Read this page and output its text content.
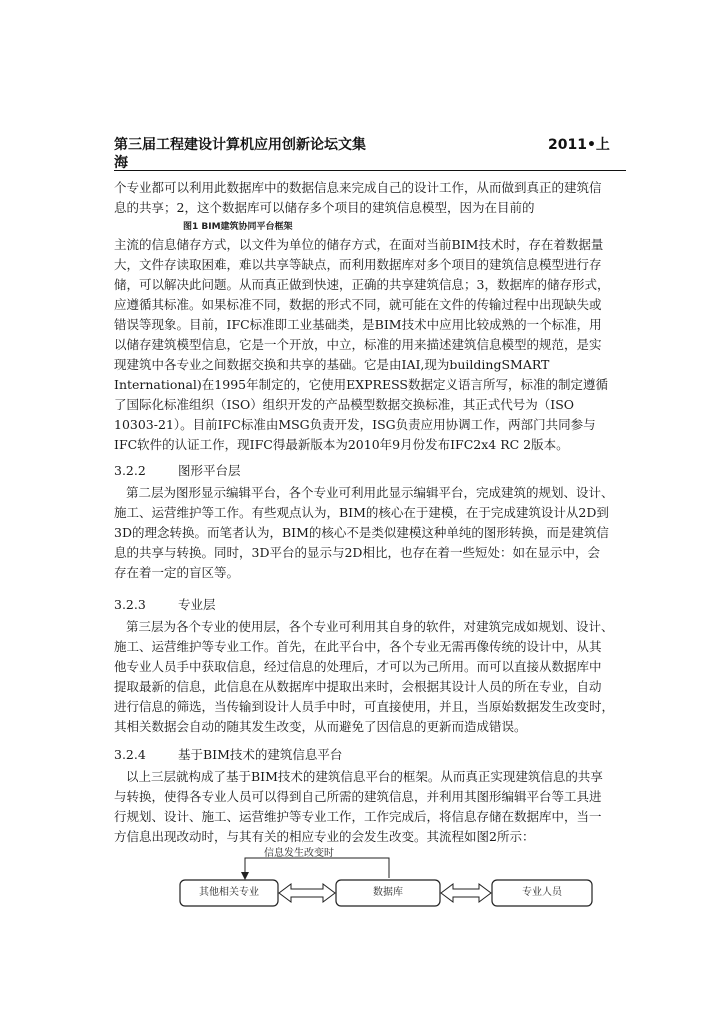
第三届工程建设计算机应用创新论坛文集	2011•上
海
个专业都可以利用此数据库中的数据信息来完成自己的设计工作，从而做到真正的建筑信
息的共享；2，这个数据库可以储存多个项目的建筑信息模型，因为在目前的
图1 BIM建筑协同平台框架
主流的信息储存方式，以文件为单位的储存方式，在面对当前BIM技术时，存在着数据量
大，文件存读取困难，难以共享等缺点，而利用数据库对多个项目的建筑信息模型进行存
储，可以解决此问题。从而真正做到快速，正确的共享建筑信息；3，数据库的储存形式，
应遵循其标准。如果标准不同，数据的形式不同，就可能在文件的传输过程中出现缺失或
错误等现象。目前，IFC标准即工业基础类，是BIM技术中应用比较成熟的一个标准，用
以储存建筑模型信息，它是一个开放，中立，标准的用来描述建筑信息模型的规范，是实
现建筑中各专业之间数据交换和共享的基础。它是由IAI,现为buildingSMART
International)在1995年制定的，它使用EXPRESS数据定义语言所写，标准的制定遵循
了国际化标准组织（ISO）组织开发的产品模型数据交换标准，其正式代号为（ISO
10303-21）。目前IFC标准由MSG负责开发，ISG负责应用协调工作，两部门共同参与
IFC软件的认证工作，现IFC得最新版本为2010年9月份发布IFC2x4 RC 2版本。
3.2.2	图形平台层
第二层为图形显示编辑平台，各个专业可利用此显示编辑平台，完成建筑的规划、设计、
施工、运营维护等工作。有些观点认为，BIM的核心在于建模，在于完成建筑设计从2D到
3D的理念转换。而笔者认为，BIM的核心不是类似建模这种单纯的图形转换，而是建筑信
息的共享与转换。同时，3D平台的显示与2D相比，也存在着一些短处：如在显示中，会
存在着一定的盲区等。
3.2.3	专业层
第三层为各个专业的使用层，各个专业可利用其自身的软件，对建筑完成如规划、设计、
施工、运营维护等专业工作。首先，在此平台中，各个专业无需再像传统的设计中，从其
他专业人员手中获取信息，经过信息的处理后，才可以为己所用。而可以直接从数据库中
提取最新的信息，此信息在从数据库中提取出来时，会根据其设计人员的所在专业，自动
进行信息的筛选，当传输到设计人员手中时，可直接使用，并且，当原始数据发生改变时，
其相关数据会自动的随其发生改变，从而避免了因信息的更新而造成错误。
3.2.4	基于BIM技术的建筑信息平台
以上三层就构成了基于BIM技术的建筑信息平台的框架。从而真正实现建筑信息的共享
与转换，使得各专业人员可以得到自己所需的建筑信息，并利用其图形编辑平台等工具进
行规划、设计、施工、运营维护等专业工作，工作完成后，将信息存储在数据库中，当一
方信息出现改动时，与其有关的相应专业的会发生改变。其流程如图2所示：
信息发生改变时
其他相关专业	数据库	专业人员
